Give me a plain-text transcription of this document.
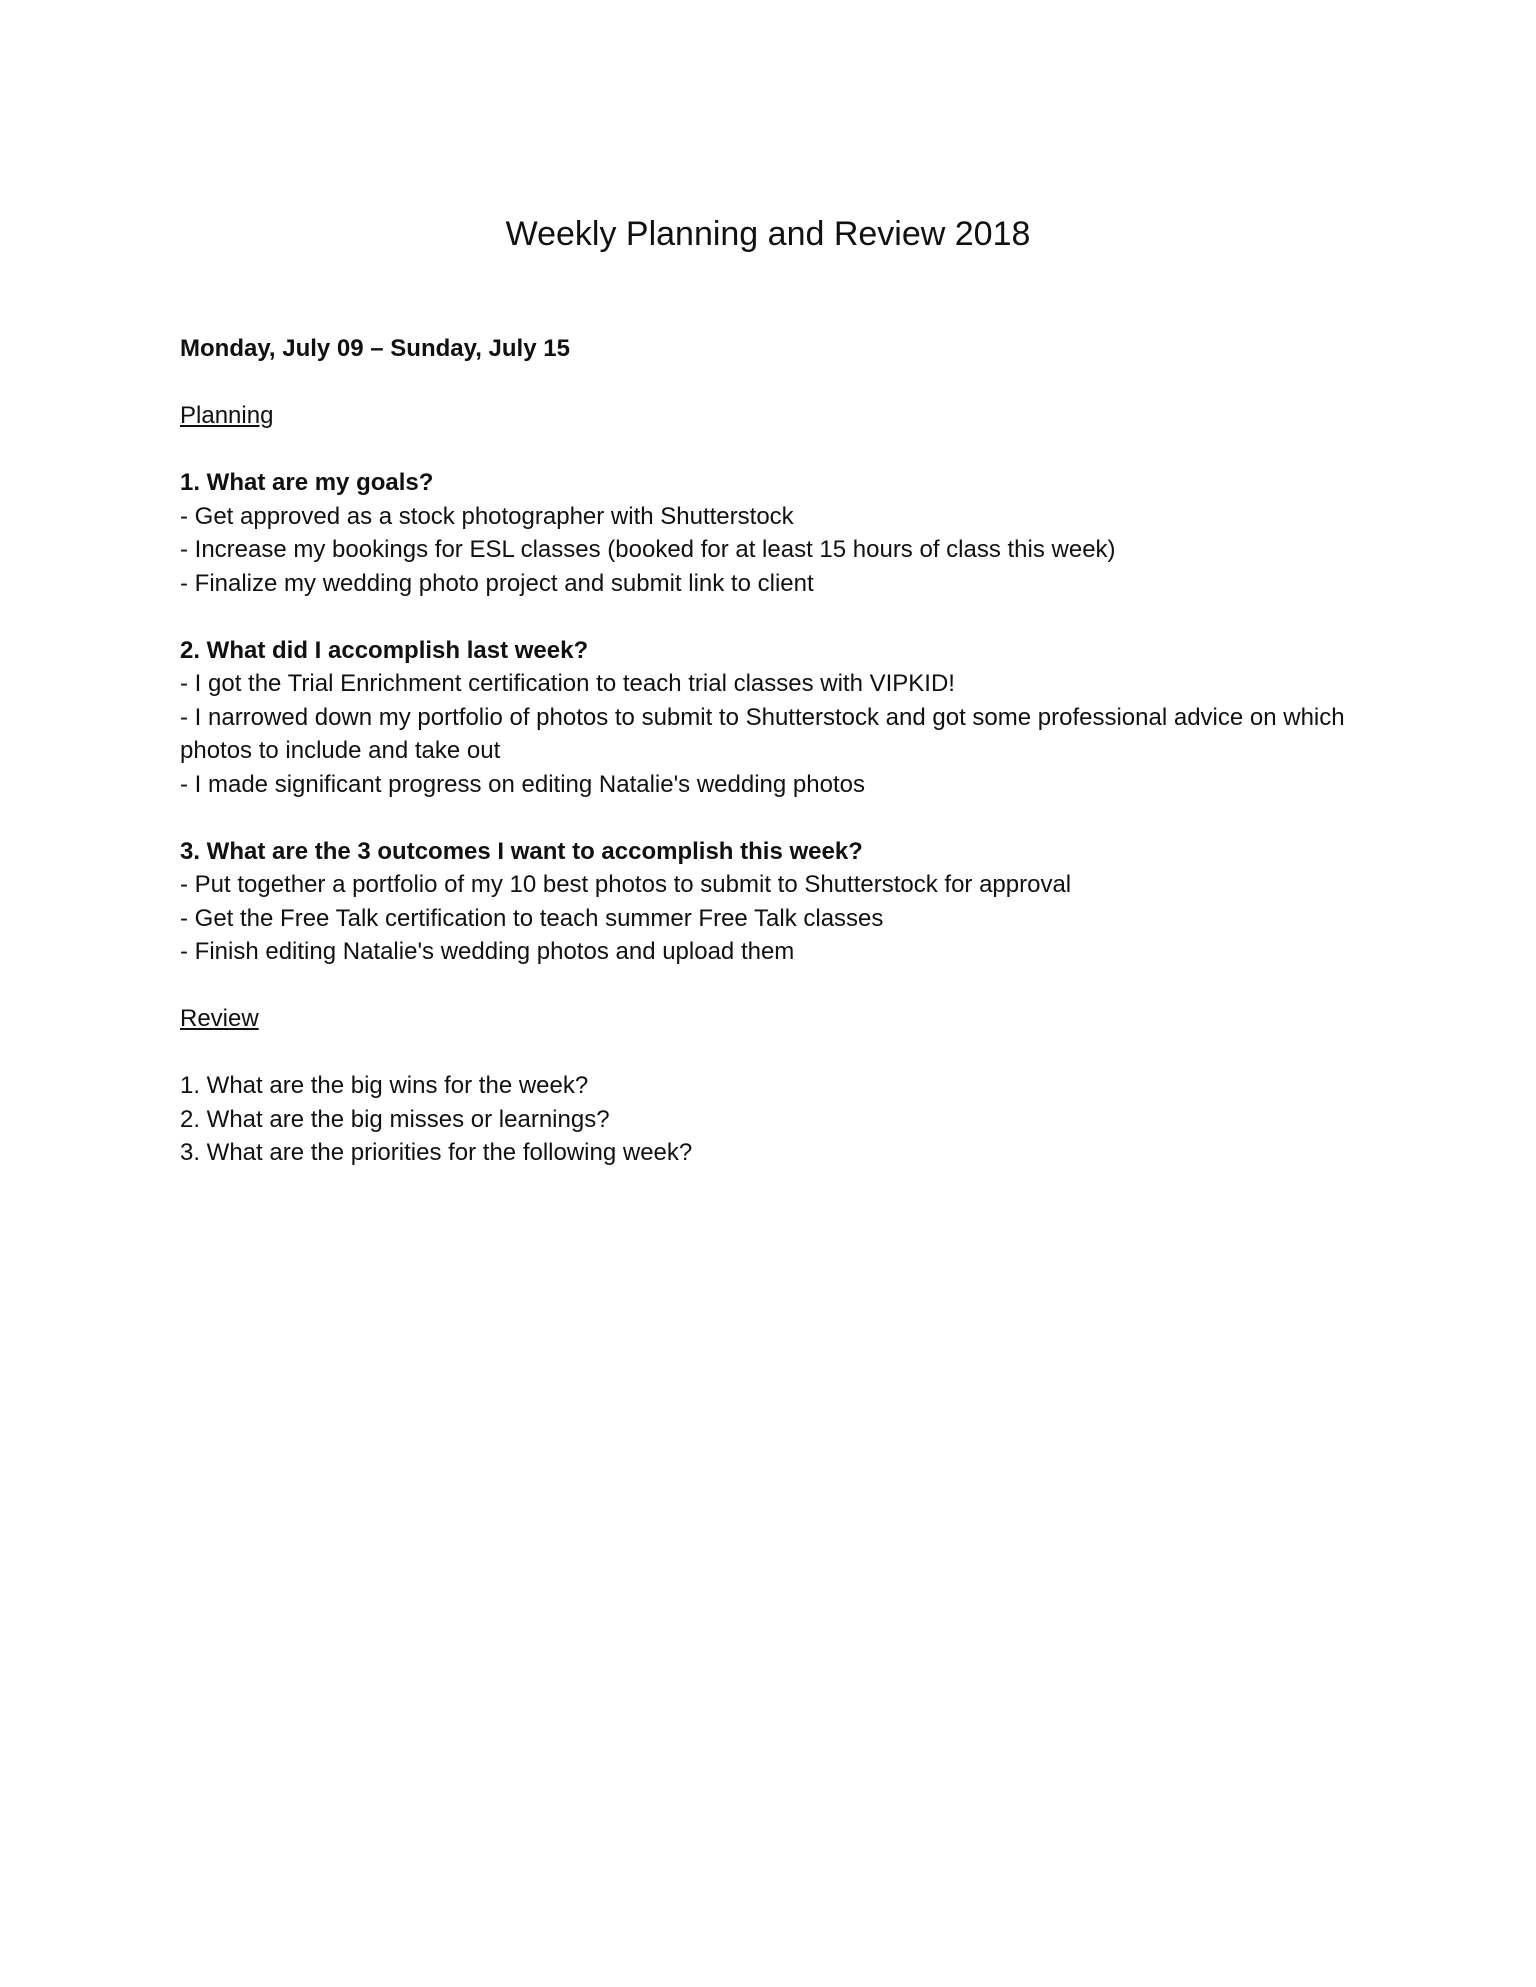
Weekly Planning and Review 2018

Monday, July 09 – Sunday, July 15

Planning

1. What are my goals?

- Get approved as a stock photographer with Shutterstock

- Increase my bookings for ESL classes (booked for at least 15 hours of class this week)

- Finalize my wedding photo project and submit link to client

2. What did I accomplish last week?

- I got the Trial Enrichment certification to teach trial classes with VIPKID!

- I narrowed down my portfolio of photos to submit to Shutterstock and got some professional advice on which photos to include and take out

- I made significant progress on editing Natalie's wedding photos

3. What are the 3 outcomes I want to accomplish this week?

- Put together a portfolio of my 10 best photos to submit to Shutterstock for approval

- Get the Free Talk certification to teach summer Free Talk classes

- Finish editing Natalie's wedding photos and upload them

Review

1. What are the big wins for the week?

2. What are the big misses or learnings?

3. What are the priorities for the following week?
